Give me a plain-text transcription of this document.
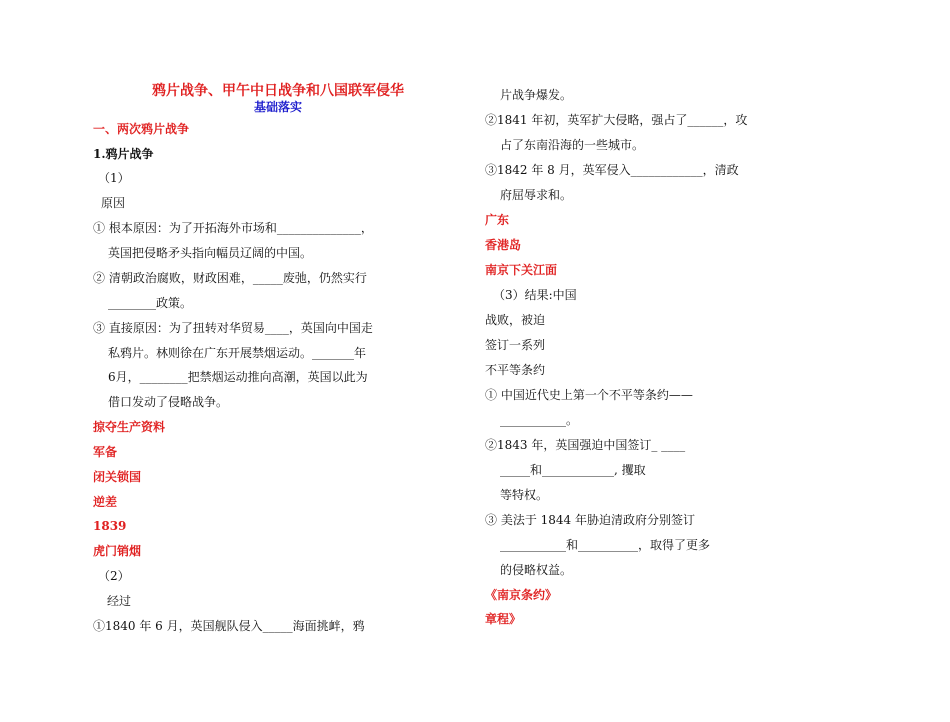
鸦片战争、甲午中日战争和八国联军侵华
基础落实
一、两次鸦片战争
1.鸦片战争
（1）
原因
① 根本原因：为了开拓海外市场和______________，
英国把侵略矛头指向幅员辽阔的中国。
② 清朝政治腐败，财政困难，_____废弛，仍然实行
________政策。
③ 直接原因：为了扭转对华贸易____，英国向中国走
私鸦片。林则徐在广东开展禁烟运动。_______年
6月，________把禁烟运动推向高潮，英国以此为
借口发动了侵略战争。
掠夺生产资料
军备
闭关锁国
逆差
1839
虎门销烟
（2）
经过
①1840 年 6 月，英国舰队侵入_____海面挑衅，鸦
片战争爆发。
②1841 年初，英军扩大侵略，强占了______，攻
占了东南沿海的一些城市。
③1842 年 8 月，英军侵入____________，清政
府屈辱求和。
广东
香港岛
南京下关江面
（3）结果:中国
战败，被迫
签订一系列
不平等条约
① 中国近代史上第一个不平等条约——
___________。
②1843 年，英国强迫中国签订_ ____
_____和____________, 攫取
等特权。
③ 美法于 1844 年胁迫清政府分别签订
___________和__________，取得了更多
的侵略权益。
《南京条约》
章程》
